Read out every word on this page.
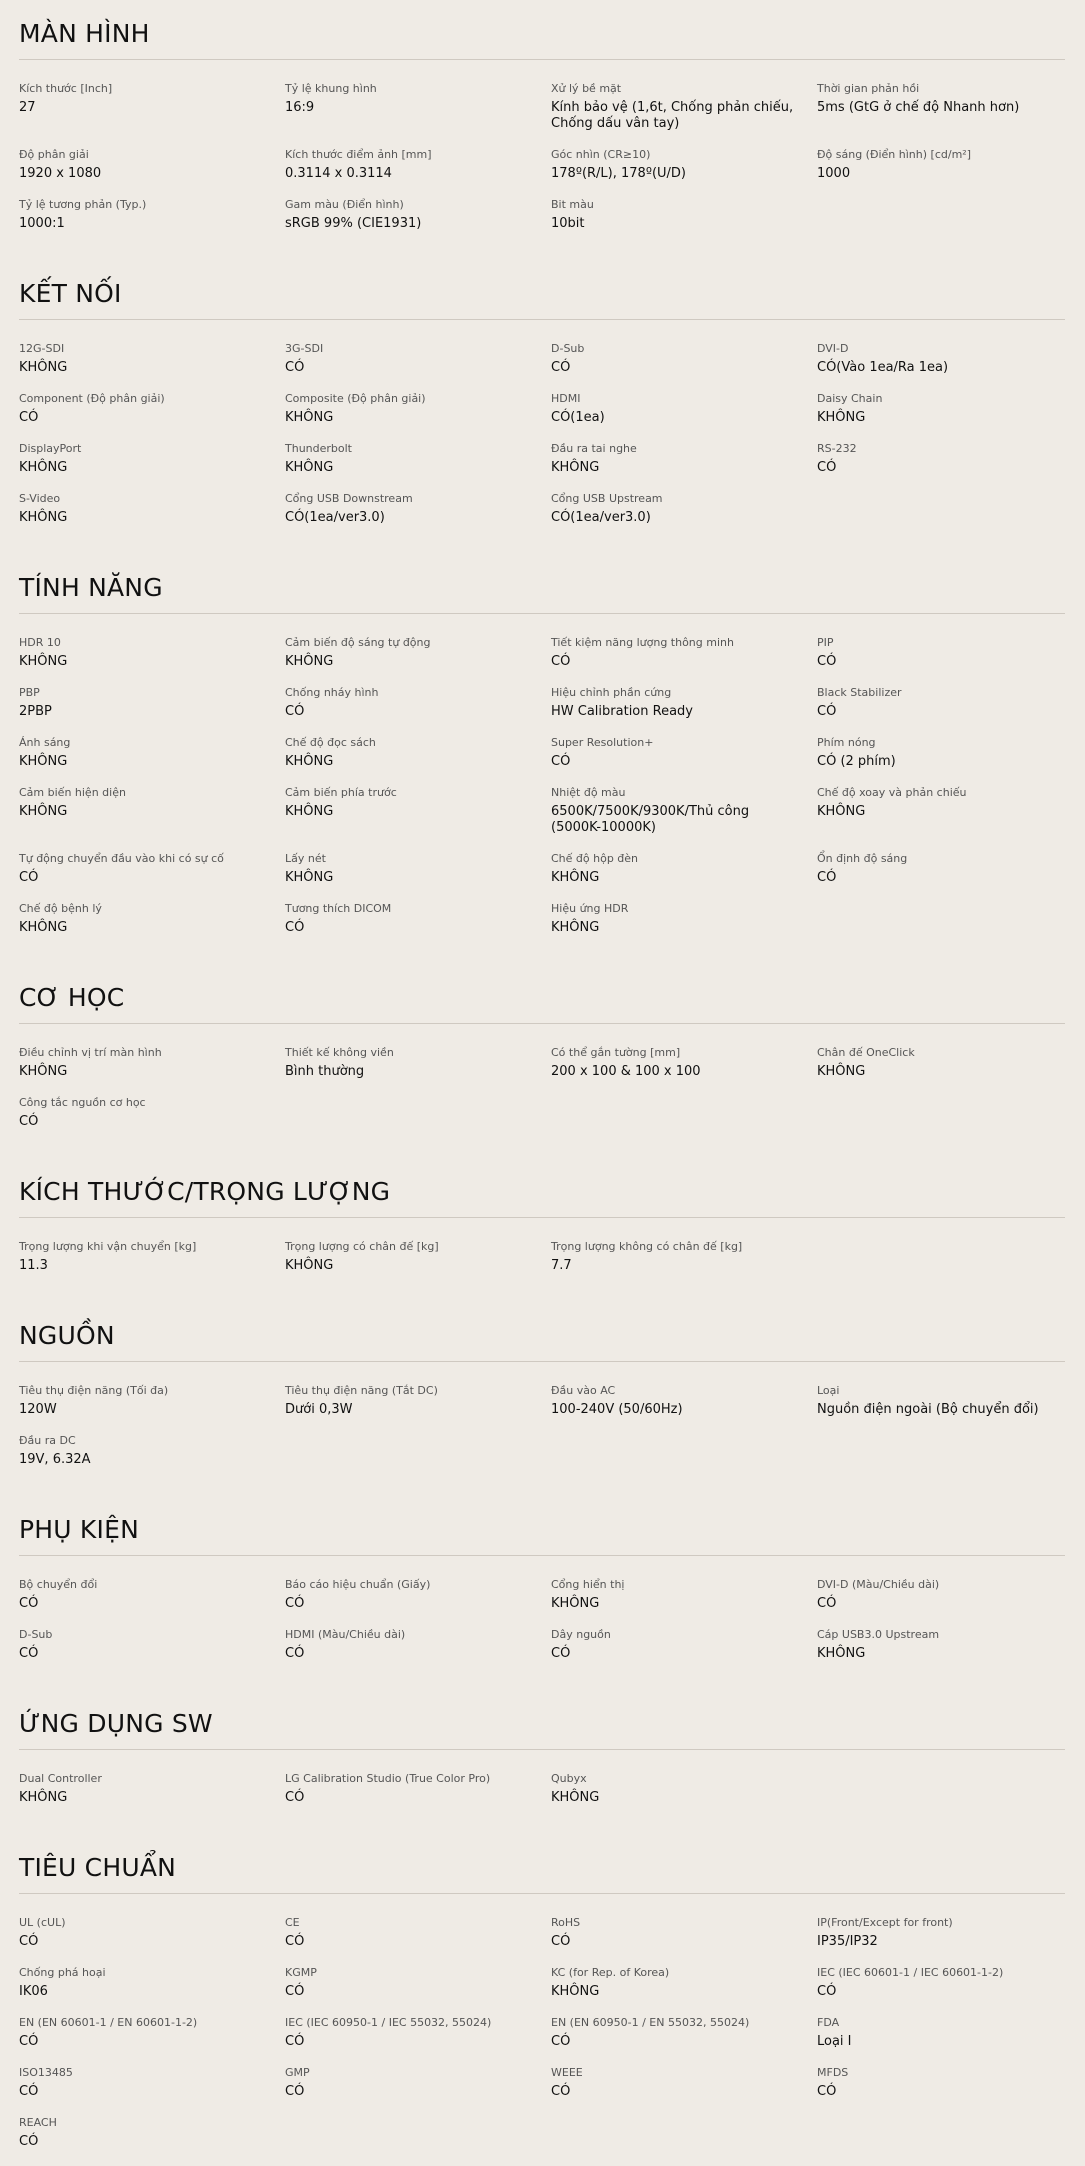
MÀN HÌNH
Kích thước [Inch]
27
Tỷ lệ khung hình
16:9
Xử lý bề mặt
Kính bảo vệ (1,6t, Chống phản chiếu, Chống dấu vân tay)
Thời gian phản hồi
5ms (GtG ở chế độ Nhanh hơn)
Độ phân giải
1920 x 1080
Kích thước điểm ảnh [mm]
0.3114 x 0.3114
Góc nhìn (CR≥10)
178º(R/L), 178º(U/D)
Độ sáng (Điển hình) [cd/m²]
1000
Tỷ lệ tương phản (Typ.)
1000:1
Gam màu (Điển hình)
sRGB 99% (CIE1931)
Bit màu
10bit
KẾT NỐI
12G-SDI
KHÔNG
3G-SDI
CÓ
D-Sub
CÓ
DVI-D
CÓ(Vào 1ea/Ra 1ea)
Component (Độ phân giải)
CÓ
Composite (Độ phân giải)
KHÔNG
HDMI
CÓ(1ea)
Daisy Chain
KHÔNG
DisplayPort
KHÔNG
Thunderbolt
KHÔNG
Đầu ra tai nghe
KHÔNG
RS-232
CÓ
S-Video
KHÔNG
Cổng USB Downstream
CÓ(1ea/ver3.0)
Cổng USB Upstream
CÓ(1ea/ver3.0)
TÍNH NĂNG
HDR 10
KHÔNG
Cảm biến độ sáng tự động
KHÔNG
Tiết kiệm năng lượng thông minh
CÓ
PIP
CÓ
PBP
2PBP
Chống nháy hình
CÓ
Hiệu chỉnh phần cứng
HW Calibration Ready
Black Stabilizer
CÓ
Ánh sáng
KHÔNG
Chế độ đọc sách
KHÔNG
Super Resolution+
CÓ
Phím nóng
CÓ (2 phím)
Cảm biến hiện diện
KHÔNG
Cảm biến phía trước
KHÔNG
Nhiệt độ màu
6500K/7500K/9300K/Thủ công (5000K-10000K)
Chế độ xoay và phản chiếu
KHÔNG
Tự động chuyển đầu vào khi có sự cố
CÓ
Lấy nét
KHÔNG
Chế độ hộp đèn
KHÔNG
Ổn định độ sáng
CÓ
Chế độ bệnh lý
KHÔNG
Tương thích DICOM
CÓ
Hiệu ứng HDR
KHÔNG
CƠ HỌC
Điều chỉnh vị trí màn hình
KHÔNG
Thiết kế không viền
Bình thường
Có thể gắn tường [mm]
200 x 100 & 100 x 100
Chân đế OneClick
KHÔNG
Công tắc nguồn cơ học
CÓ
KÍCH THƯỚC/TRỌNG LƯỢNG
Trọng lượng khi vận chuyển [kg]
11.3
Trọng lượng có chân đế [kg]
KHÔNG
Trọng lượng không có chân đế [kg]
7.7
NGUỒN
Tiêu thụ điện năng (Tối đa)
120W
Tiêu thụ điện năng (Tắt DC)
Dưới 0,3W
Đầu vào AC
100-240V (50/60Hz)
Loại
Nguồn điện ngoài (Bộ chuyển đổi)
Đầu ra DC
19V, 6.32A
PHỤ KIỆN
Bộ chuyển đổi
CÓ
Báo cáo hiệu chuẩn (Giấy)
CÓ
Cổng hiển thị
KHÔNG
DVI-D (Màu/Chiều dài)
CÓ
D-Sub
CÓ
HDMI (Màu/Chiều dài)
CÓ
Dây nguồn
CÓ
Cáp USB3.0 Upstream
KHÔNG
ỨNG DỤNG SW
Dual Controller
KHÔNG
LG Calibration Studio (True Color Pro)
CÓ
Qubyx
KHÔNG
TIÊU CHUẨN
UL (cUL)
CÓ
CE
CÓ
RoHS
CÓ
IP(Front/Except for front)
IP35/IP32
Chống phá hoại
IK06
KGMP
CÓ
KC (for Rep. of Korea)
KHÔNG
IEC (IEC 60601-1 / IEC 60601-1-2)
CÓ
EN (EN 60601-1 / EN 60601-1-2)
CÓ
IEC (IEC 60950-1 / IEC 55032, 55024)
CÓ
EN (EN 60950-1 / EN 55032, 55024)
CÓ
FDA
Loại I
ISO13485
CÓ
GMP
CÓ
WEEE
CÓ
MFDS
CÓ
REACH
CÓ
